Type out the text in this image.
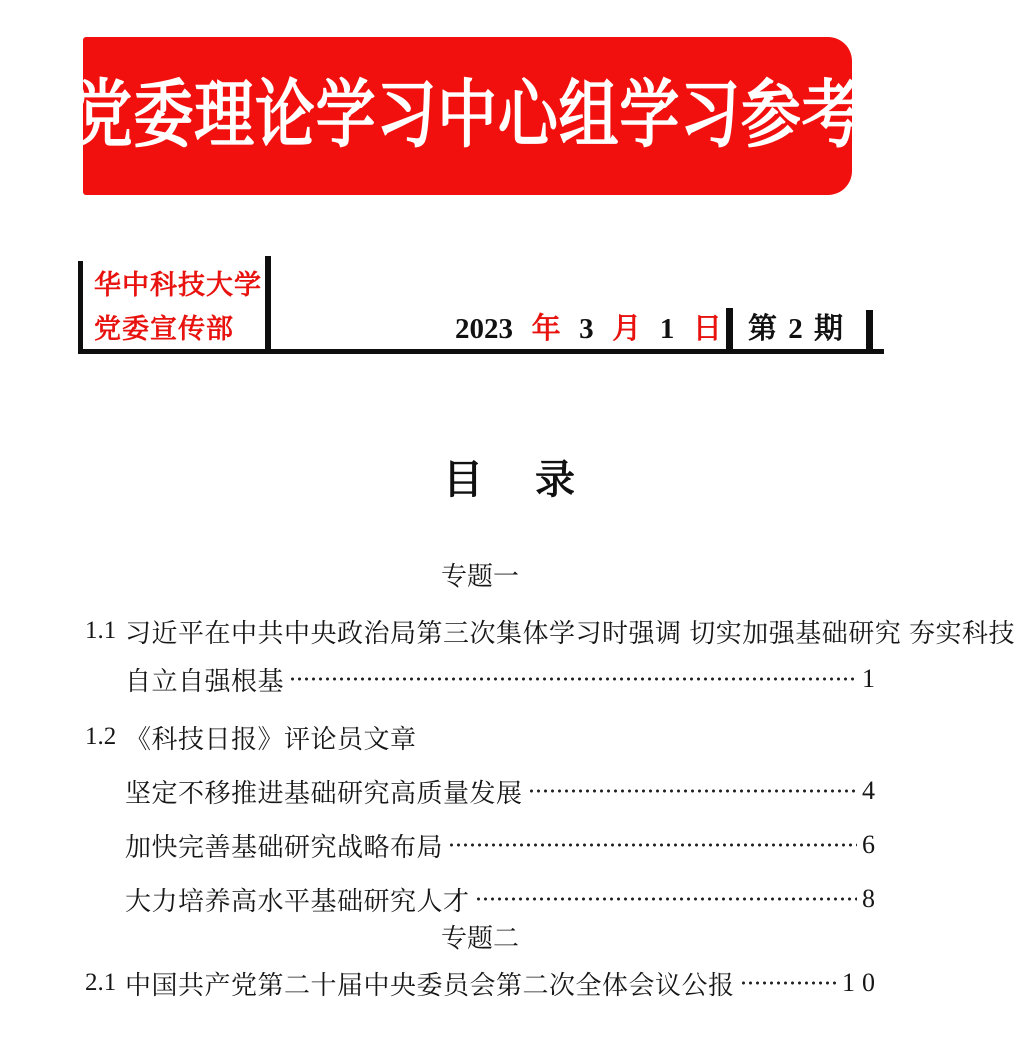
党委理论学习中心组学习参考
华中科技大学
党委宣传部	2023 年 3 月 1 日 第 2 期
目　录
专题一
1.1 习近平在中共中央政治局第三次集体学习时强调 切实加强基础研究 夯实科技
自立自强根基	1
1.2 《科技日报》评论员文章
坚定不移推进基础研究高质量发展	4
加快完善基础研究战略布局	6
大力培养高水平基础研究人才	8
专题二
2.1 中国共产党第二十届中央委员会第二次全体会议公报	10
